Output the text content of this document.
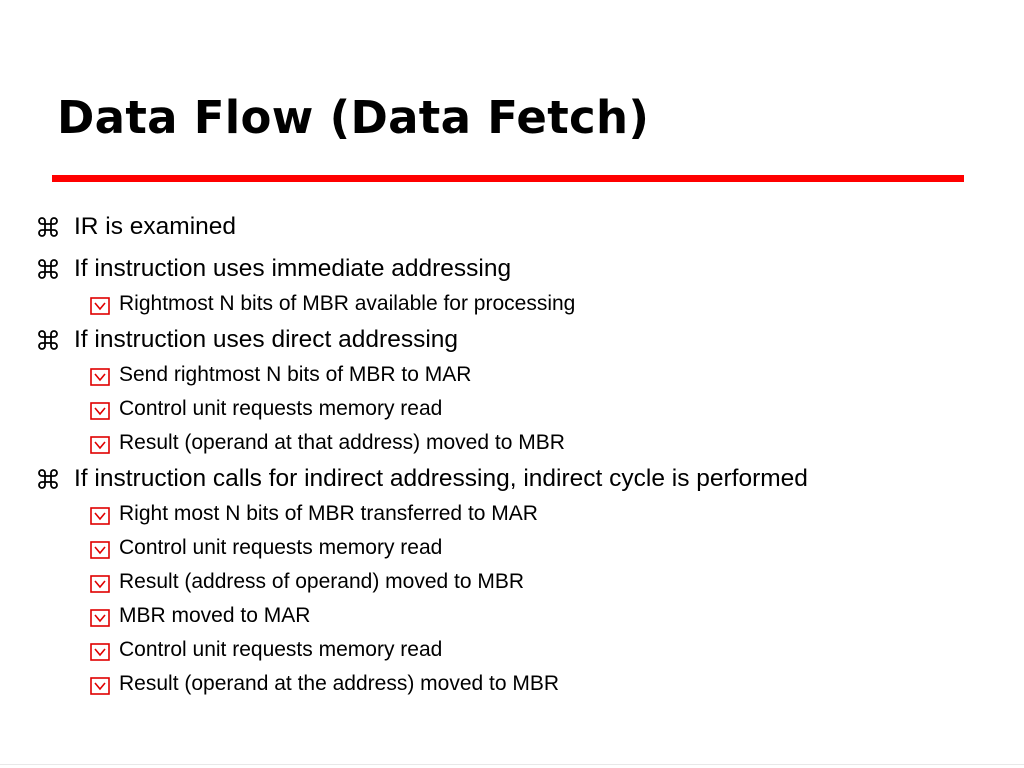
Data Flow (Data Fetch)
IR is examined
If instruction uses immediate addressing
Rightmost N bits of MBR available for processing
If instruction uses direct addressing
Send rightmost N bits of MBR to MAR
Control unit requests memory read
Result (operand at that address) moved to MBR
If instruction calls for indirect addressing, indirect cycle is performed
Right most N bits of MBR transferred to MAR
Control unit requests memory read
Result (address of operand) moved to MBR
MBR moved to MAR
Control unit requests memory read
Result (operand at the address) moved to MBR
